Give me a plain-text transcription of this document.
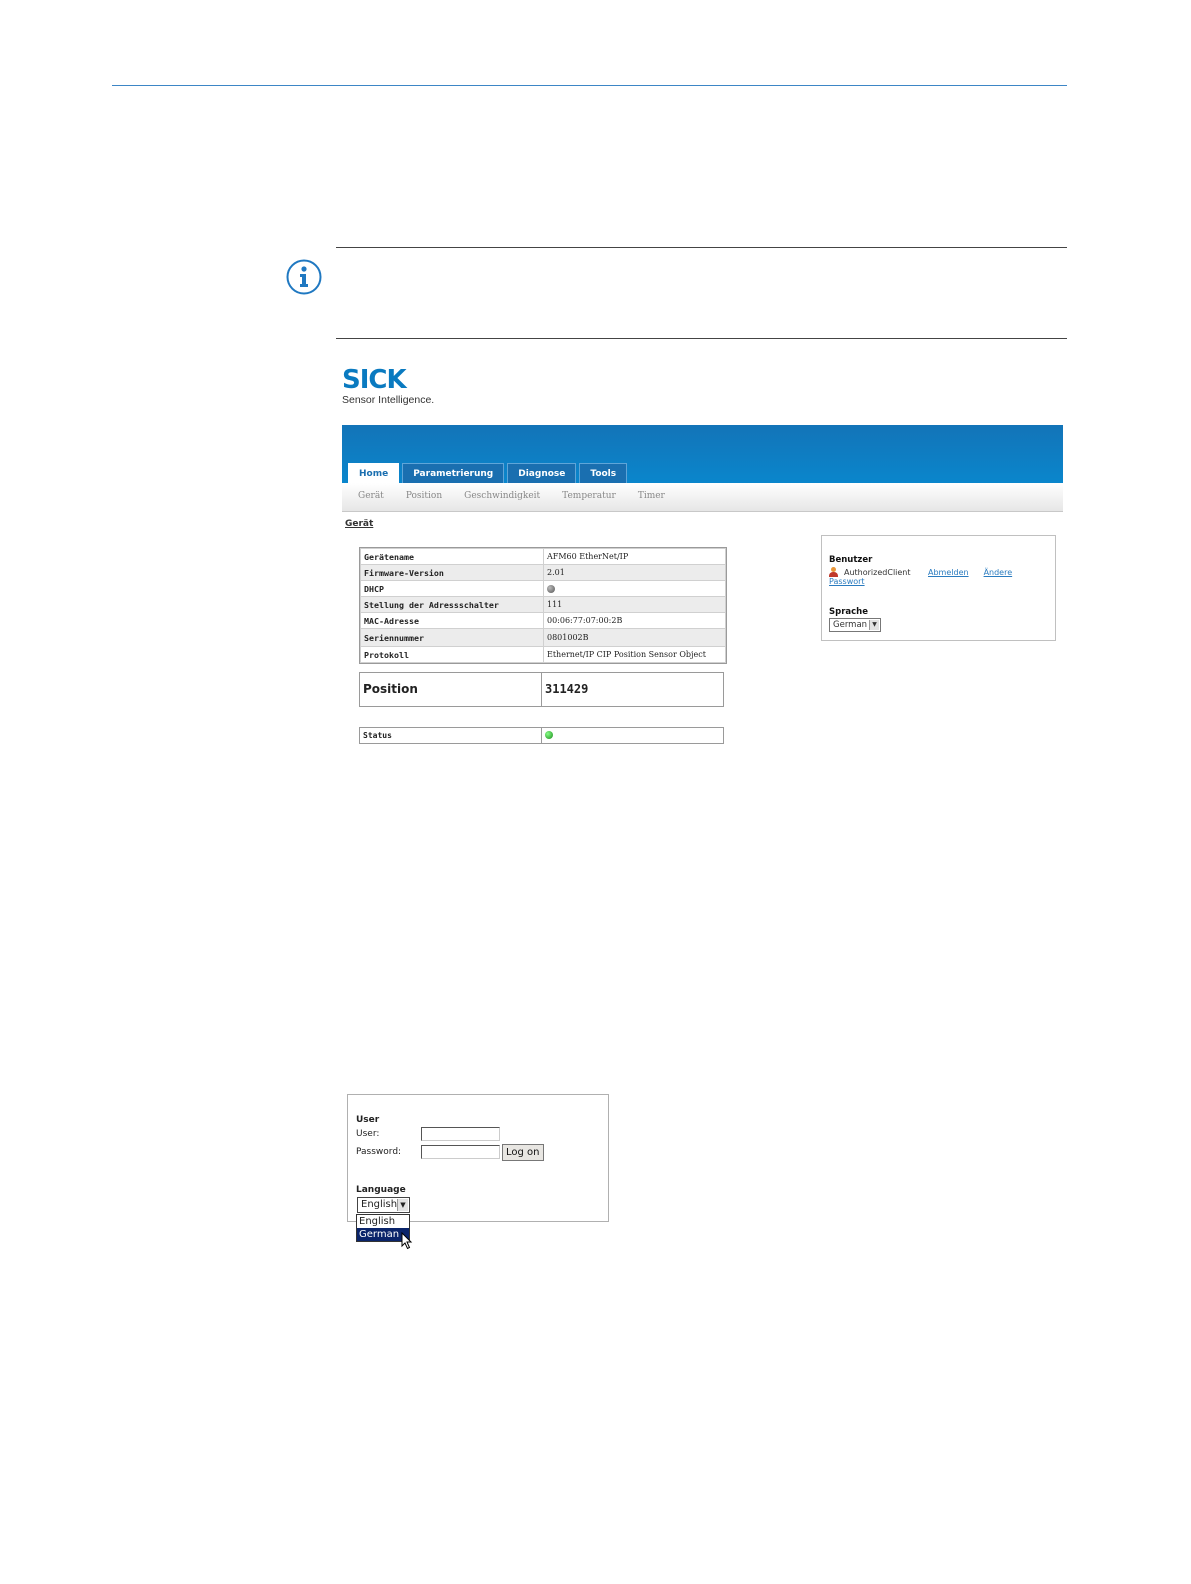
SICK
Sensor Intelligence.
Home	Parametrierung	Diagnose	Tools
Gerät Position Geschwindigkeit Temperatur Timer
Gerät
Gerätename	AFM60 EtherNet/IP
Firmware-Version	2.01
DHCP	
Stellung der Adressschalter	111
MAC-Adresse	00:06:77:07:00:2B
Seriennummer	0801002B
Protokoll	Ethernet/IP CIP Position Sensor Object
Position	311429
Status
Benutzer
AuthorizedClient	Abmelden Ändere
Passwort
Sprache
German ▼
User
User:
Password:	Log on
Language
English ▼
English
German
